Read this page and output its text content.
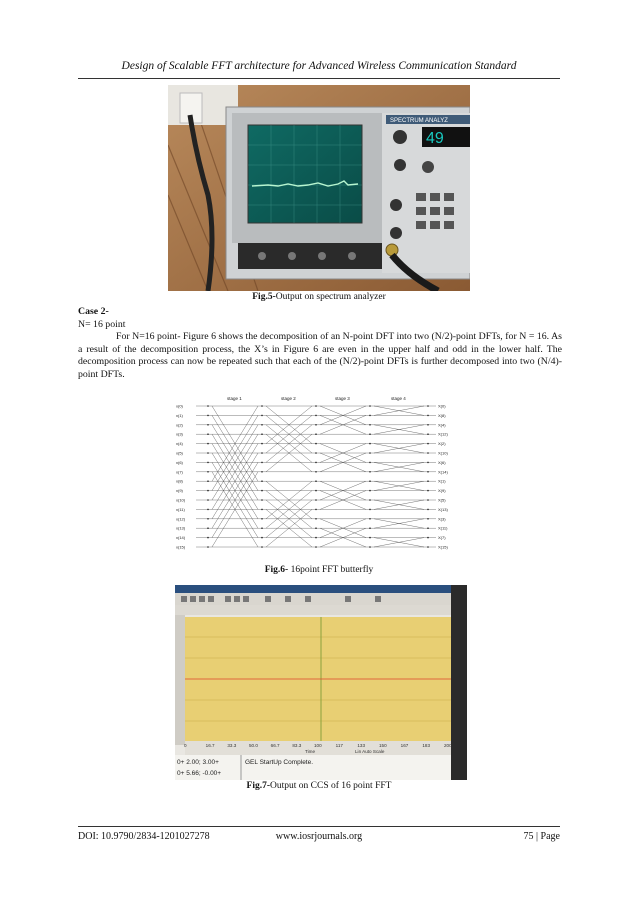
Design of Scalable FFT architecture for Advanced Wireless Communication Standard
SPECTRUM ANALYZ
49
Fig.5-Output on spectrum analyzer

Case 2-

N= 16 point

For N=16 point- Figure 6 shows the decomposition of an N-point DFT into two (N/2)-point DFTs, for N = 16. As a result of the decomposition process, the X’s in Figure 6 are even in the upper half and odd in the lower half. The decomposition process can now be repeated such that each of the (N/2)-point DFTs is further decomposed into two (N/4)-point DFTs.

stage 1	stage 2	stage 3	stage 4
x(0)	X(0)
x(1)	X(8)
x(2)	X(4)
x(3)	X(12)
x(4)	X(2)
x(5)	X(10)
x(6)	X(6)
x(7)	X(14)
x(8)	X(1)
x(9)	X(9)
x(10)	X(5)
x(11)	X(13)
x(12)	X(3)
x(13)	X(11)
x(14)	X(7)
x(15)	X(15)
Fig.6- 16point FFT butterfly
0	16.7	33.3	50.0	66.7	83.3	100	117	133	150	167	183	200
Time	Lin Auto Scale
0+ 2.00; 3.00+
0+ 5.66; -0.00+
GEL StartUp Complete.
Fig.7-Output on CCS of 16 point FFT
DOI: 10.9790/2834-1201027278	www.iosrjournals.org	75 | Page
